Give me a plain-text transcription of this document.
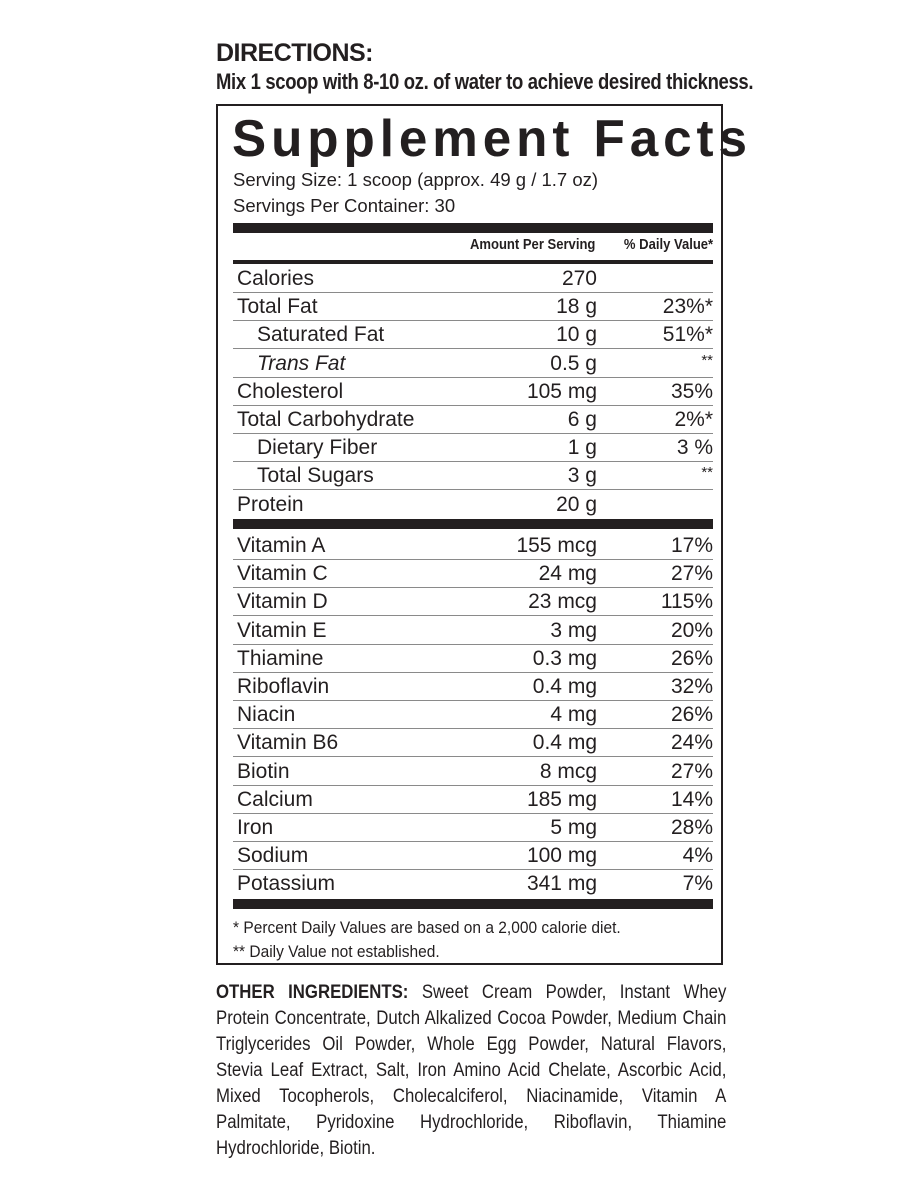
DIRECTIONS:
Mix 1 scoop with 8-10 oz. of water to achieve desired thickness.
Supplement Facts
Serving Size: 1 scoop (approx. 49 g / 1.7 oz)
Servings Per Container: 30
Amount Per Serving % Daily Value*
* Percent Daily Values are based on a 2,000 calorie diet.
** Daily Value not established.
Calories	270
Total Fat	18 g	23%*
Saturated Fat	10 g	51%*
Trans Fat	0.5 g	**
Cholesterol	105 mg	35%
Total Carbohydrate	6 g	2%*
Dietary Fiber	1 g	3 %
Total Sugars	3 g	**
Protein	20 g
Vitamin A	155 mcg	17%
Vitamin C	24 mg	27%
Vitamin D	23 mcg	115%
Vitamin E	3 mg	20%
Thiamine	0.3 mg	26%
Riboflavin	0.4 mg	32%
Niacin	4 mg	26%
Vitamin B6	0.4 mg	24%
Biotin	8 mcg	27%
Calcium	185 mg	14%
Iron	5 mg	28%
Sodium	100 mg	4%
Potassium	341 mg	7%
OTHER INGREDIENTS: Sweet Cream Powder, Instant Whey Protein Concentrate, Dutch Alkalized Cocoa Powder, Medium Chain Triglycerides Oil Powder, Whole Egg Powder, Natural Flavors, Stevia Leaf Extract, Salt, Iron Amino Acid Chelate, Ascorbic Acid, Mixed Tocopherols, Cholecalciferol, Niacinamide, Vitamin A Palmitate, Pyridoxine Hydrochloride, Riboflavin, Thiamine Hydrochloride, Biotin.
